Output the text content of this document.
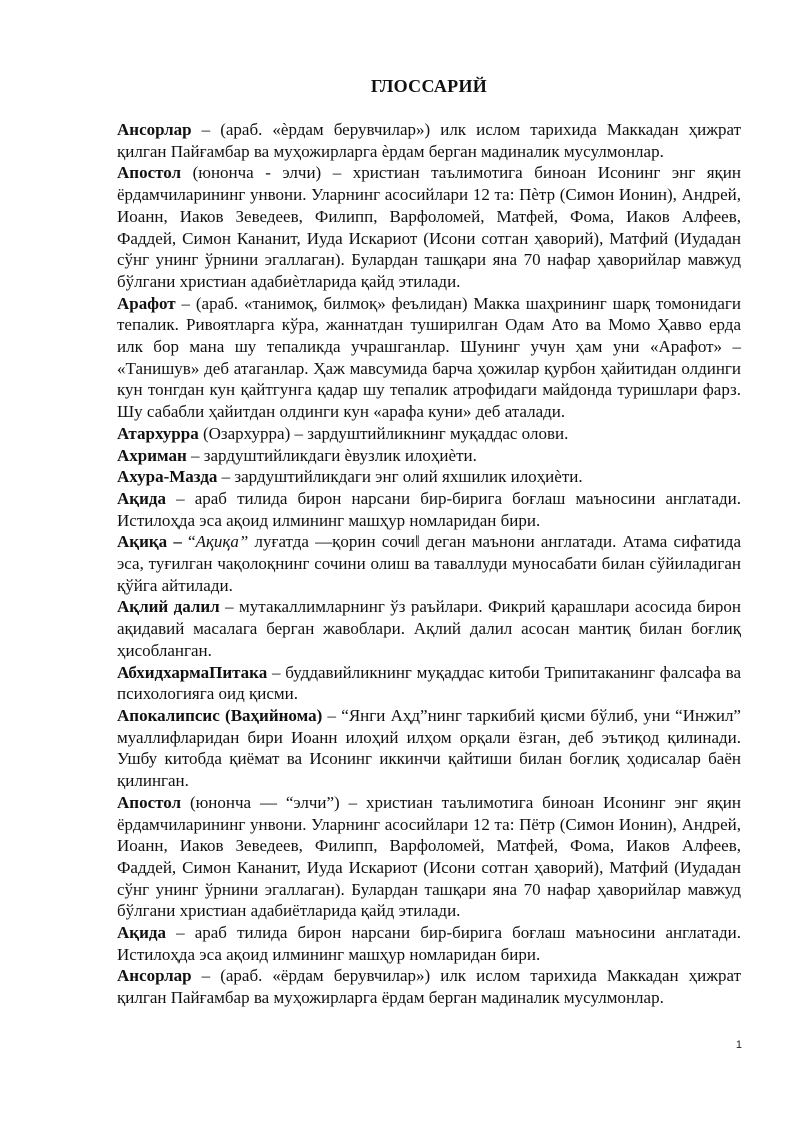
ГЛОССАРИЙ

Ансорлар – (араб. «ѐрдам берувчилар») илк ислом тарихида Маккадан ҳижрат қилган Пайғамбар ва муҳожирларга ѐрдам берган мадиналик мусулмонлар.

Апостол (юнонча - элчи) – христиан таълимотига биноан Исонинг энг яқин ёрдамчиларининг унвони. Уларнинг асосийлари 12 та: Пѐтр (Симон Ионин), Андрей, Иоанн, Иаков Зеведеев, Филипп, Варфоломей, Матфей, Фома, Иаков Алфеев, Фаддей, Симон Кананит, Иуда Искариот (Исони сотган ҳаворий), Матфий (Иудадан сўнг унинг ўрнини эгаллаган). Булардан ташқари яна 70 нафар ҳаворийлар мавжуд бўлгани христиан адабиѐтларида қайд этилади.

Арафот – (араб. «танимоқ, билмоқ» феълидан) Макка шаҳрининг шарқ томонидаги тепалик. Ривоятларга кўра, жаннатдан туширилган Одам Ато ва Момо Ҳавво ерда илк бор мана шу тепаликда учрашганлар. Шунинг учун ҳам уни «Арафот» – «Танишув» деб атаганлар. Ҳаж мавсумида барча ҳожилар қурбон ҳайитидан олдинги кун тонгдан кун қайтгунга қадар шу тепалик атрофидаги майдонда туришлари фарз. Шу сабабли ҳайитдан олдинги кун «арафа куни» деб аталади.

Атархурра (Озархурра) – зардуштийликнинг муқаддас олови.

Ахриман – зардуштийликдаги ѐвузлик илоҳиѐти.

Ахура-Мазда – зардуштийликдаги энг олий яхшилик илоҳиѐти.

Ақида – араб тилида бирон нарсани бир-бирига боғлаш маъносини англатади. Истилоҳда эса ақоид илмининг машҳур номларидан бири.

Ақиқа – “Ақиқа” луғатда ―қорин сочи‖ деган маънони англатади. Атама сифатида эса, туғилган чақолоқнинг сочини олиш ва таваллуди муносабати билан сўйиладиган қўйга айтилади.

Ақлий далил – мутакаллимларнинг ўз раъйлари. Фикрий қарашлари асосида бирон ақидавий масалага берган жавоблари. Ақлий далил асосан мантиқ билан боғлиқ ҳисобланган.

АбхидхармаПитака – буддавийликнинг муқаддас китоби Трипитаканинг фалсафа ва психологияга оид қисми.

Апокалипсис (Ваҳийнома) – “Янги Аҳд”нинг таркибий қисми бўлиб, уни “Инжил” муаллифларидан бири Иоанн илоҳий илҳом орқали ёзган, деб эътиқод қилинади. Ушбу китобда қиёмат ва Исонинг иккинчи қайтиши билан боғлиқ ҳодисалар баён қилинган.

Апостол (юнонча — “элчи”) – христиан таълимотига биноан Исонинг энг яқин ёрдамчиларининг унвони. Уларнинг асосийлари 12 та: Пётр (Симон Ионин), Андрей, Иоанн, Иаков Зеведеев, Филипп, Варфоломей, Матфей, Фома, Иаков Алфеев, Фаддей, Симон Кананит, Иуда Искариот (Исони сотган ҳаворий), Матфий (Иудадан сўнг унинг ўрнини эгаллаган). Булардан ташқари яна 70 нафар ҳаворийлар мавжуд бўлгани христиан адабиётларида қайд этилади.

Ақида – араб тилида бирон нарсани бир-бирига боғлаш маъносини англатади. Истилоҳда эса ақоид илмининг машҳур номларидан бири.

Ансорлар – (араб. «ёрдам берувчилар») илк ислом тарихида Маккадан ҳижрат қилган Пайғамбар ва муҳожирларга ёрдам берган мадиналик мусулмонлар.

1
